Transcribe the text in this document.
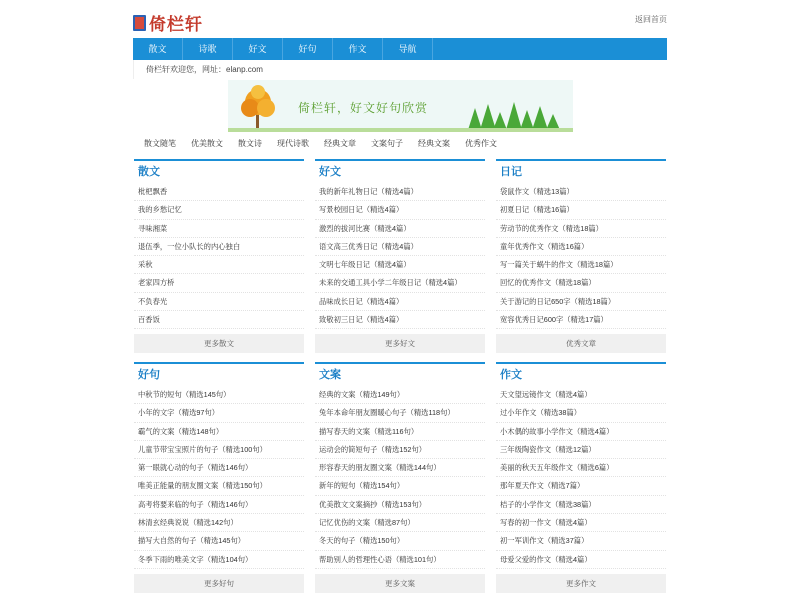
倚栏轩	返回首页
散文	诗歌	好文	好句	作文	导航
倚栏轩欢迎您，网址：elanp.com
倚栏轩，好文好句欣赏
散文随笔 优美散文 散文诗 现代诗歌 经典文章 文案句子 经典文案 优秀作文
散文
枇杷飘香
我的乡愁记忆
寻味湘菜
退伍季，一位小队长的内心独白
采秋
老家四方桥
不负春光
百香饭
更多散文
好文
我的新年礼物日记（精选4篇）
写景校园日记（精选4篇）
激烈的拔河比赛（精选4篇）
语文高三优秀日记（精选4篇）
文明七年级日记（精选4篇）
未来的交通工具小学二年级日记（精选4篇）
品味成长日记（精选4篇）
致敬初三日记（精选4篇）
更多好文
日记
袋鼠作文（精选13篇）
初夏日记（精选16篇）
劳动节的优秀作文（精选18篇）
童年优秀作文（精选16篇）
写一篇关于蜗牛的作文（精选18篇）
回忆的优秀作文（精选18篇）
关于游记的日记650字（精选18篇）
宽容优秀日记600字（精选17篇）
优秀文章
好句
中秋节的短句（精选145句）
小年的文字（精选97句）
霸气的文案（精选148句）
儿童节带宝宝照片的句子（精选100句）
第一眼就心动的句子（精选146句）
唯美正能量的朋友圈文案（精选150句）
高考将要来临的句子（精选146句）
林清玄经典说说（精选142句）
描写大自然的句子（精选145句）
冬季下雨的唯美文字（精选104句）
更多好句
文案
经典的文案（精选149句）
兔年本命年朋友圈暖心句子（精选118句）
描写春天的文案（精选116句）
运动会的简短句子（精选152句）
形容春天的朋友圈文案（精选144句）
新年的短句（精选154句）
优美散文文案摘抄（精选153句）
记忆优伤的文案（精选87句）
冬天的句子（精选150句）
帮助别人的哲理性心语（精选101句）
更多文案
作文
天文望远镜作文（精选4篇）
过小年作文（精选38篇）
小木偶的故事小学作文（精选4篇）
三年级陶瓷作文（精选12篇）
美丽的秋天五年级作文（精选6篇）
那年夏天作文（精选7篇）
桔子的小学作文（精选38篇）
写春的初一作文（精选4篇）
初一军训作文（精选37篇）
母爱父爱的作文（精选4篇）
更多作文
